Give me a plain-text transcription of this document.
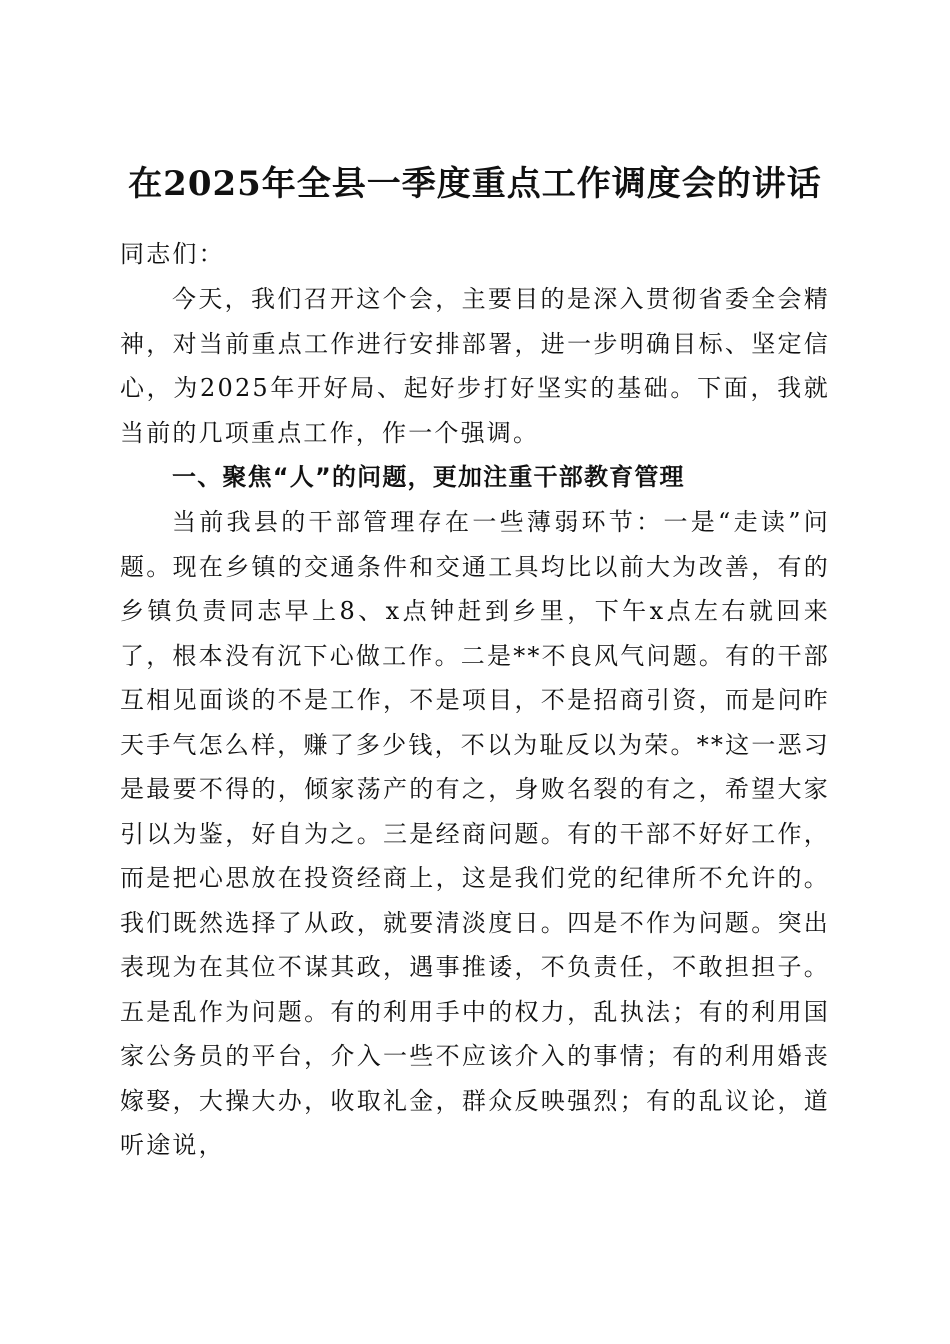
在2025年全县一季度重点工作调度会的讲话

同志们：

今天，我们召开这个会，主要目的是深入贯彻省委全会精神，对当前重点工作进行安排部署，进一步明确目标、坚定信心，为2025年开好局、起好步打好坚实的基础。下面，我就当前的几项重点工作，作一个强调。

一、聚焦“人”的问题，更加注重干部教育管理

当前我县的干部管理存在一些薄弱环节：一是“走读”问题。现在乡镇的交通条件和交通工具均比以前大为改善，有的乡镇负责同志早上8、x点钟赶到乡里，下午x点左右就回来了，根本没有沉下心做工作。二是**不良风气问题。有的干部互相见面谈的不是工作，不是项目，不是招商引资，而是问昨天手气怎么样，赚了多少钱，不以为耻反以为荣。**这一恶习是最要不得的，倾家荡产的有之，身败名裂的有之，希望大家引以为鉴，好自为之。三是经商问题。有的干部不好好工作，而是把心思放在投资经商上，这是我们党的纪律所不允许的。我们既然选择了从政，就要清淡度日。四是不作为问题。突出表现为在其位不谋其政，遇事推诿，不负责任，不敢担担子。五是乱作为问题。有的利用手中的权力，乱执法；有的利用国家公务员的平台，介入一些不应该介入的事情；有的利用婚丧嫁娶，大操大办，收取礼金，群众反映强烈；有的乱议论，道听途说，
